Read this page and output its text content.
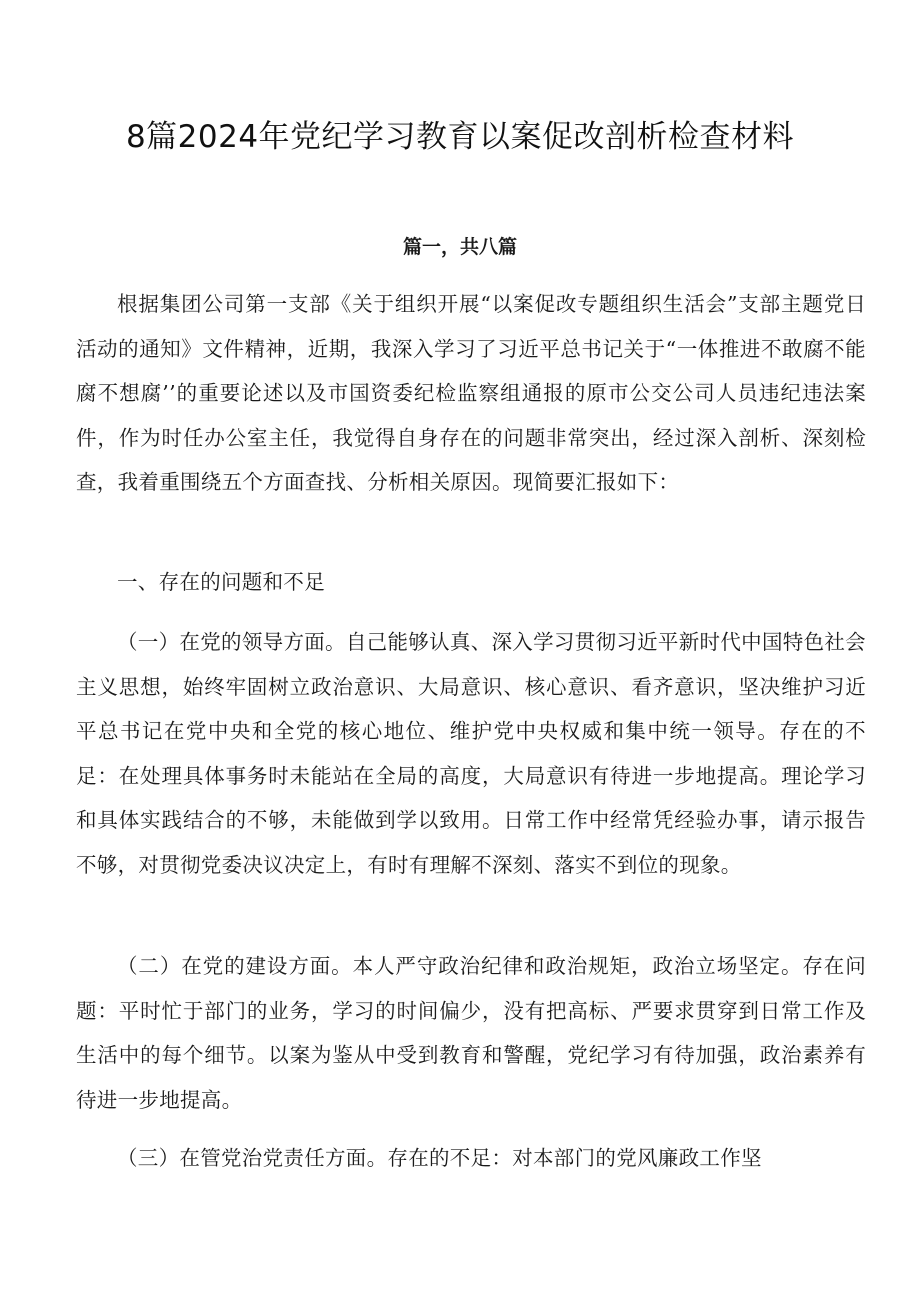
8篇2024年党纪学习教育以案促改剖析检查材料

篇一，共八篇

根据集团公司第一支部《关于组织开展“以案促改专题组织生活会”支部主题党日活动的通知》文件精神，近期，我深入学习了习近平总书记关于“一体推进不敢腐不能腐不想腐’’的重要论述以及市国资委纪检监察组通报的原市公交公司人员违纪违法案件，作为时任办公室主任，我觉得自身存在的问题非常突出，经过深入剖析、深刻检查，我着重围绕五个方面查找、分析相关原因。现简要汇报如下：

一、存在的问题和不足

（一）在党的领导方面。自己能够认真、深入学习贯彻习近平新时代中国特色社会主义思想，始终牢固树立政治意识、大局意识、核心意识、看齐意识，坚决维护习近平总书记在党中央和全党的核心地位、维护党中央权威和集中统一领导。存在的不足：在处理具体事务时未能站在全局的高度，大局意识有待进一步地提高。理论学习和具体实践结合的不够，未能做到学以致用。日常工作中经常凭经验办事，请示报告不够，对贯彻党委决议决定上，有时有理解不深刻、落实不到位的现象。

（二）在党的建设方面。本人严守政治纪律和政治规矩，政治立场坚定。存在问题：平时忙于部门的业务，学习的时间偏少，没有把高标、严要求贯穿到日常工作及生活中的每个细节。以案为鉴从中受到教育和警醒，党纪学习有待加强，政治素养有待进一步地提高。

（三）在管党治党责任方面。存在的不足：对本部门的党风廉政工作坚
